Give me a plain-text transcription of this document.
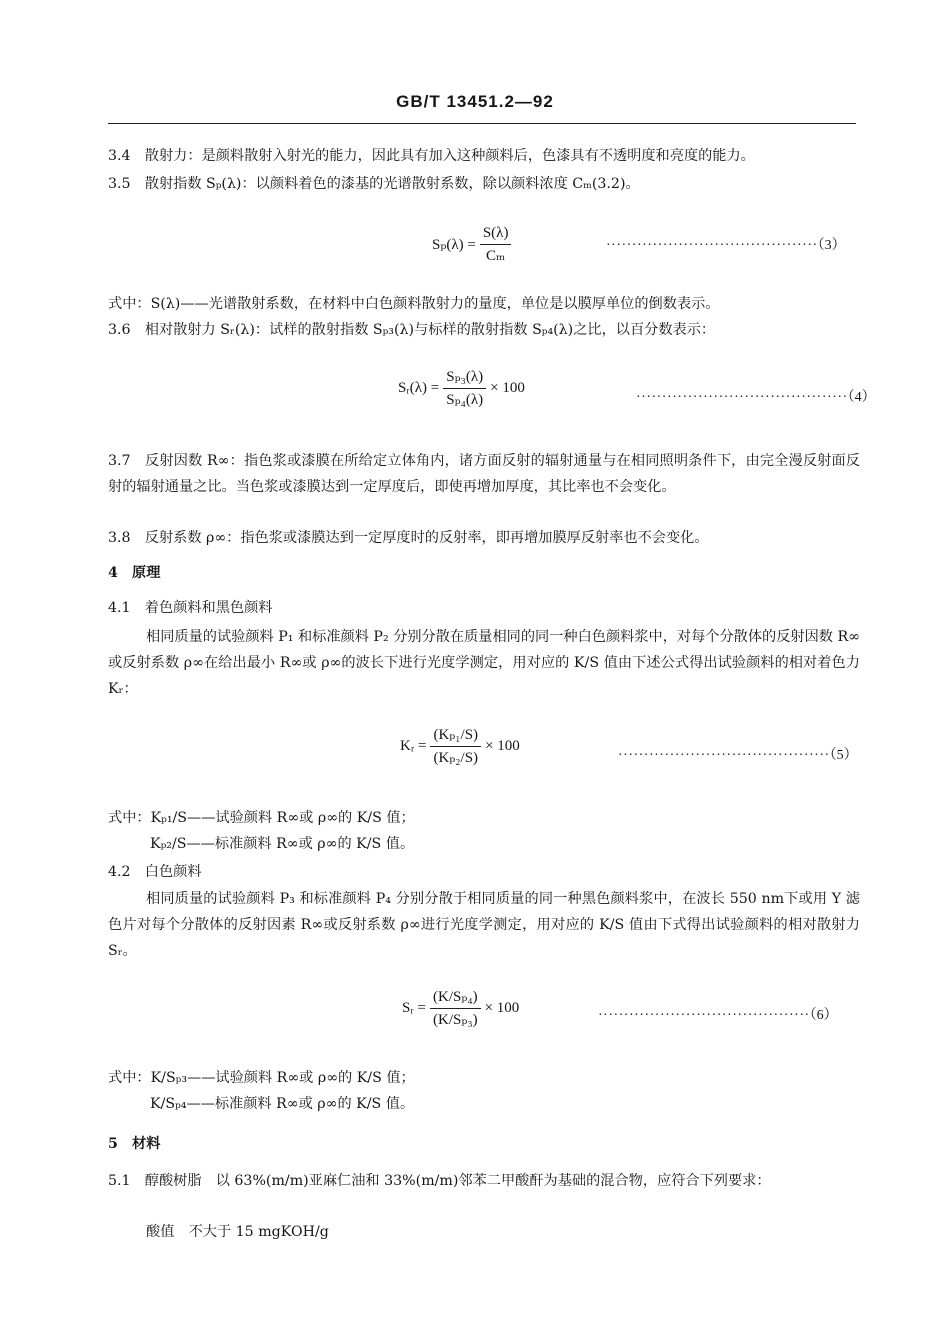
GB/T 13451.2—92
3.4　散射力：是颜料散射入射光的能力，因此具有加入这种颜料后，色漆具有不透明度和亮度的能力。
3.5　散射指数 Sₚ(λ)：以颜料着色的漆基的光谱散射系数，除以颜料浓度 Cₘ(3.2)。
$S_p(\lambda) = \frac{S(\lambda)}{\text{Cₘ}}$	·········································（3）
式中：S(λ)——光谱散射系数，在材料中白色颜料散射力的量度，单位是以膜厚单位的倒数表示。
3.6　相对散射力 Sᵣ(λ)：试样的散射指数 Sₚ₃(λ)与标样的散射指数 Sₚ₄(λ)之比，以百分数表示：
Sᵣ(λ) = $\frac{\text{Sₚ₃(λ)}}{\text{Sₚ₄(λ)}} \times 100$
·········································（4）
3.7　反射因数 R∞：指色浆或漆膜在所给定立体角内，诸方面反射的辐射通量与在相同照明条件下，由完全漫反射面反射的辐射通量之比。当色浆或漆膜达到一定厚度后，即使再增加厚度，其比率也不会变化。
3.8　反射系数 ρ∞：指色浆或漆膜达到一定厚度时的反射率，即再增加膜厚反射率也不会变化。
4　原理
4.1　着色颜料和黑色颜料
相同质量的试验颜料 P₁ 和标准颜料 P₂ 分别分散在质量相同的同一种白色颜料浆中，对每个分散体的反射因数 R∞或反射系数 ρ∞在给出最小 R∞或 ρ∞的波长下进行光度学测定，用对应的 K/S 值由下述公式得出试验颜料的相对着色力 Kᵣ：
Kᵣ = $\frac{\text{(Kₚ₁/S)}}{\text{(Kₚ₂/S)}} \times 100$
·········································（5）
式中：Kₚ₁/S——试验颜料 R∞或 ρ∞的 K/S 值；
Kₚ₂/S——标准颜料 R∞或 ρ∞的 K/S 值。
4.2　白色颜料
相同质量的试验颜料 P₃ 和标准颜料 P₄ 分别分散于相同质量的同一种黑色颜料浆中，在波长 550 nm下或用 Y 滤色片对每个分散体的反射因素 R∞或反射系数 ρ∞进行光度学测定，用对应的 K/S 值由下式得出试验颜料的相对散射力 Sᵣ。
Sᵣ = $\frac{\text{(K/Sₚ₄)}}{\text{(K/Sₚ₃)}} \times 100$	·········································（6）
式中：K/Sₚ₃——试验颜料 R∞或 ρ∞的 K/S 值；
K/Sₚ₄——标准颜料 R∞或 ρ∞的 K/S 值。
5　材料
5.1　醇酸树脂　以 63%(m/m)亚麻仁油和 33%(m/m)邻苯二甲酸酐为基础的混合物，应符合下列要求：
酸值　不大于 15 mgKOH/g
